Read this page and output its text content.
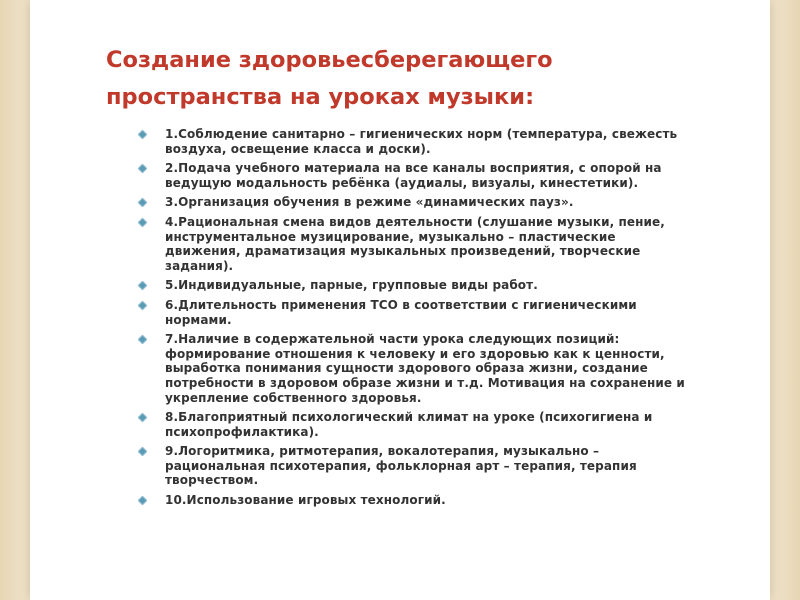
Создание здоровьесберегающего
пространства на уроках музыки:
1.Соблюдение санитарно – гигиенических норм (температура, свежесть
воздуха, освещение класса и доски).
2.Подача учебного материала на все каналы восприятия, с опорой на
ведущую модальность ребёнка (аудиалы, визуалы, кинестетики).
3.Организация обучения в режиме «динамических пауз».
4.Рациональная смена видов деятельности (слушание музыки, пение,
инструментальное музицирование, музыкально – пластические
движения, драматизация музыкальных произведений, творческие
задания).
5.Индивидуальные, парные, групповые виды работ.
6.Длительность применения ТСО в соответствии с гигиеническими
нормами.
7.Наличие в содержательной части урока следующих позиций:
формирование отношения к человеку и его здоровью как к ценности,
выработка понимания сущности здорового образа жизни, создание
потребности в здоровом образе жизни и т.д. Мотивация на сохранение и
укрепление собственного здоровья.
8.Благоприятный психологический климат на уроке (психогигиена и
психопрофилактика).
9.Логоритмика, ритмотерапия, вокалотерапия, музыкально –
рациональная психотерапия, фольклорная арт – терапия, терапия
творчеством.
10.Использование игровых технологий.
